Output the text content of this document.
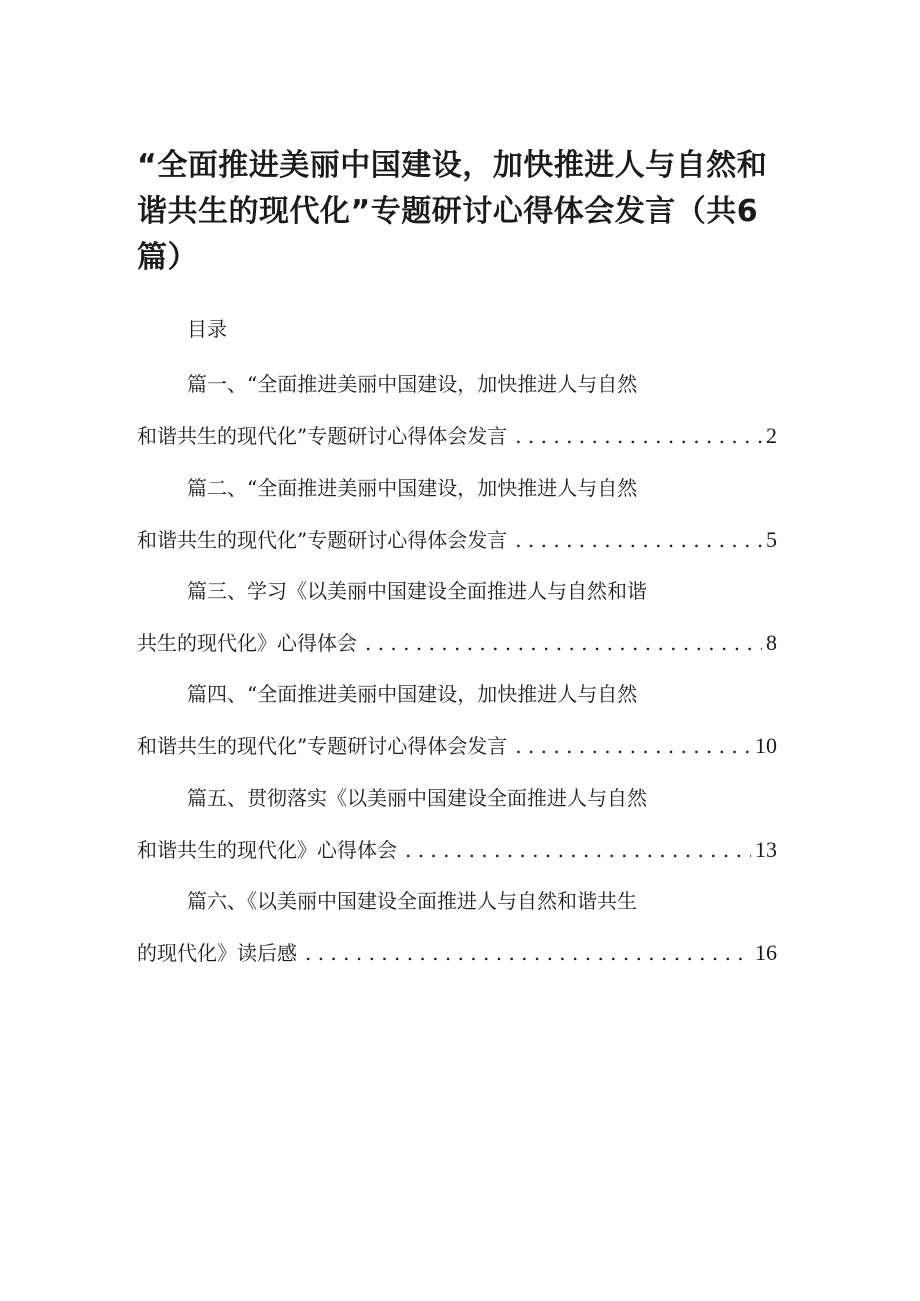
“全面推进美丽中国建设，加快推进人与自然和谐共生的现代化”专题研讨心得体会发言（共6篇）

目录

篇一、“全面推进美丽中国建设，加快推进人与自然
和谐共生的现代化”专题研讨心得体会发言 . . .	2
篇二、“全面推进美丽中国建设，加快推进人与自然
和谐共生的现代化”专题研讨心得体会发言 . . .	5
篇三、学习《以美丽中国建设全面推进人与自然和谐
共生的现代化》心得体会 . . .	8
篇四、“全面推进美丽中国建设，加快推进人与自然
和谐共生的现代化”专题研讨心得体会发言 . . .	10
篇五、贯彻落实《以美丽中国建设全面推进人与自然
和谐共生的现代化》心得体会 . . .	13
篇六、《以美丽中国建设全面推进人与自然和谐共生
的现代化》读后感 . . .	16
